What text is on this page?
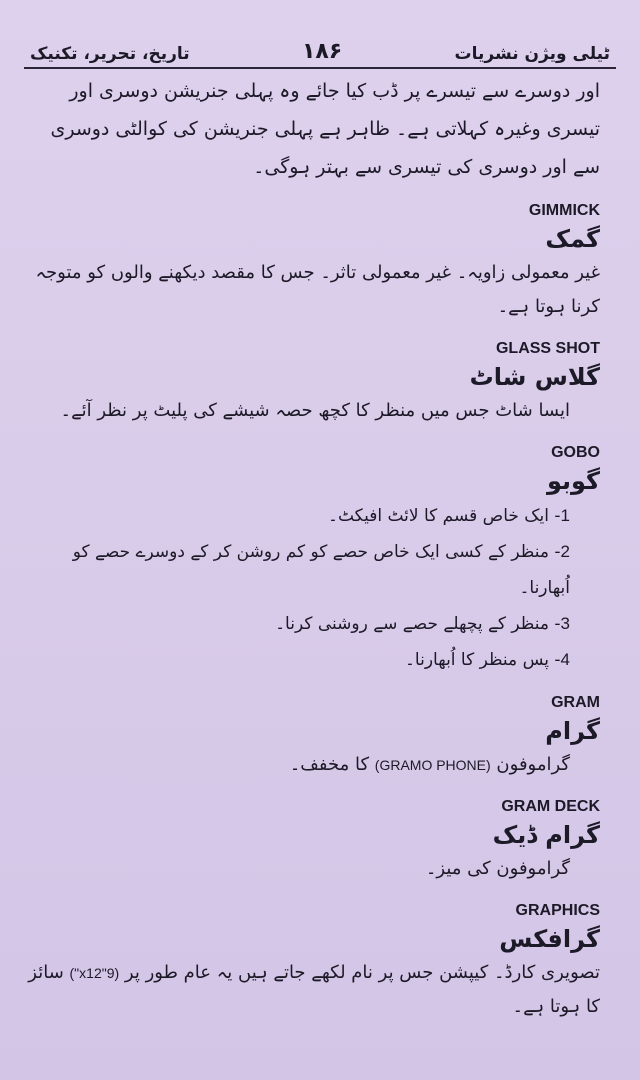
تاریخ، تحریر، تکنیک	۱۸۶	ٹیلی ویژن نشریات

اور دوسرے سے تیسرے پر ڈب کیا جائے وہ پہلی جنریشن دوسری اور تیسری وغیرہ کہلاتی ہے۔ ظاہر ہے پہلی جنریشن کی کوالٹی دوسری سے اور دوسری کی تیسری سے بہتر ہوگی۔

GIMMICK

گمک

غیر معمولی زاویہ۔ غیر معمولی تاثر۔ جس کا مقصد دیکھنے والوں کو متوجہ کرنا ہوتا ہے۔

GLASS SHOT

گلاس شاٹ

ایسا شاٹ جس میں منظر کا کچھ حصہ شیشے کی پلیٹ پر نظر آئے۔

GOBO

گوبو

1- ایک خاص قسم کا لائٹ افیکٹ۔
2- منظر کے کسی ایک خاص حصے کو کم روشن کر کے دوسرے حصے کو اُبھارنا۔
3- منظر کے پچھلے حصے سے روشنی کرنا۔
4- پس منظر کا اُبھارنا۔

GRAM

گرام

گراموفون (GRAMO PHONE) کا مخفف۔

GRAM DECK

گرام ڈیک

گراموفون کی میز۔

GRAPHICS

گرافکس

تصویری کارڈ۔ کیپشن جس پر نام لکھے جاتے ہیں یہ عام طور پر (9"x12") سائز کا ہوتا ہے۔
